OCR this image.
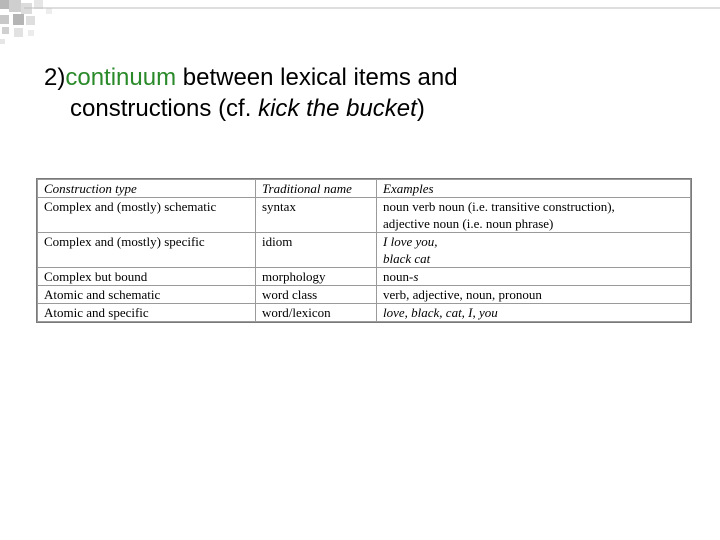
2)continuum between lexical items and
constructions (cf. kick the bucket)
Construction type	Traditional name	Examples
Complex and (mostly) schematic	syntax	noun verb noun (i.e. transitive construction),
adjective noun (i.e. noun phrase)

Complex and (mostly) specific	idiom	I love you,
black cat

Complex but bound	morphology	noun-s
Atomic and schematic	word class	verb, adjective, noun, pronoun
Atomic and specific	word/lexicon	love, black, cat, I, you
